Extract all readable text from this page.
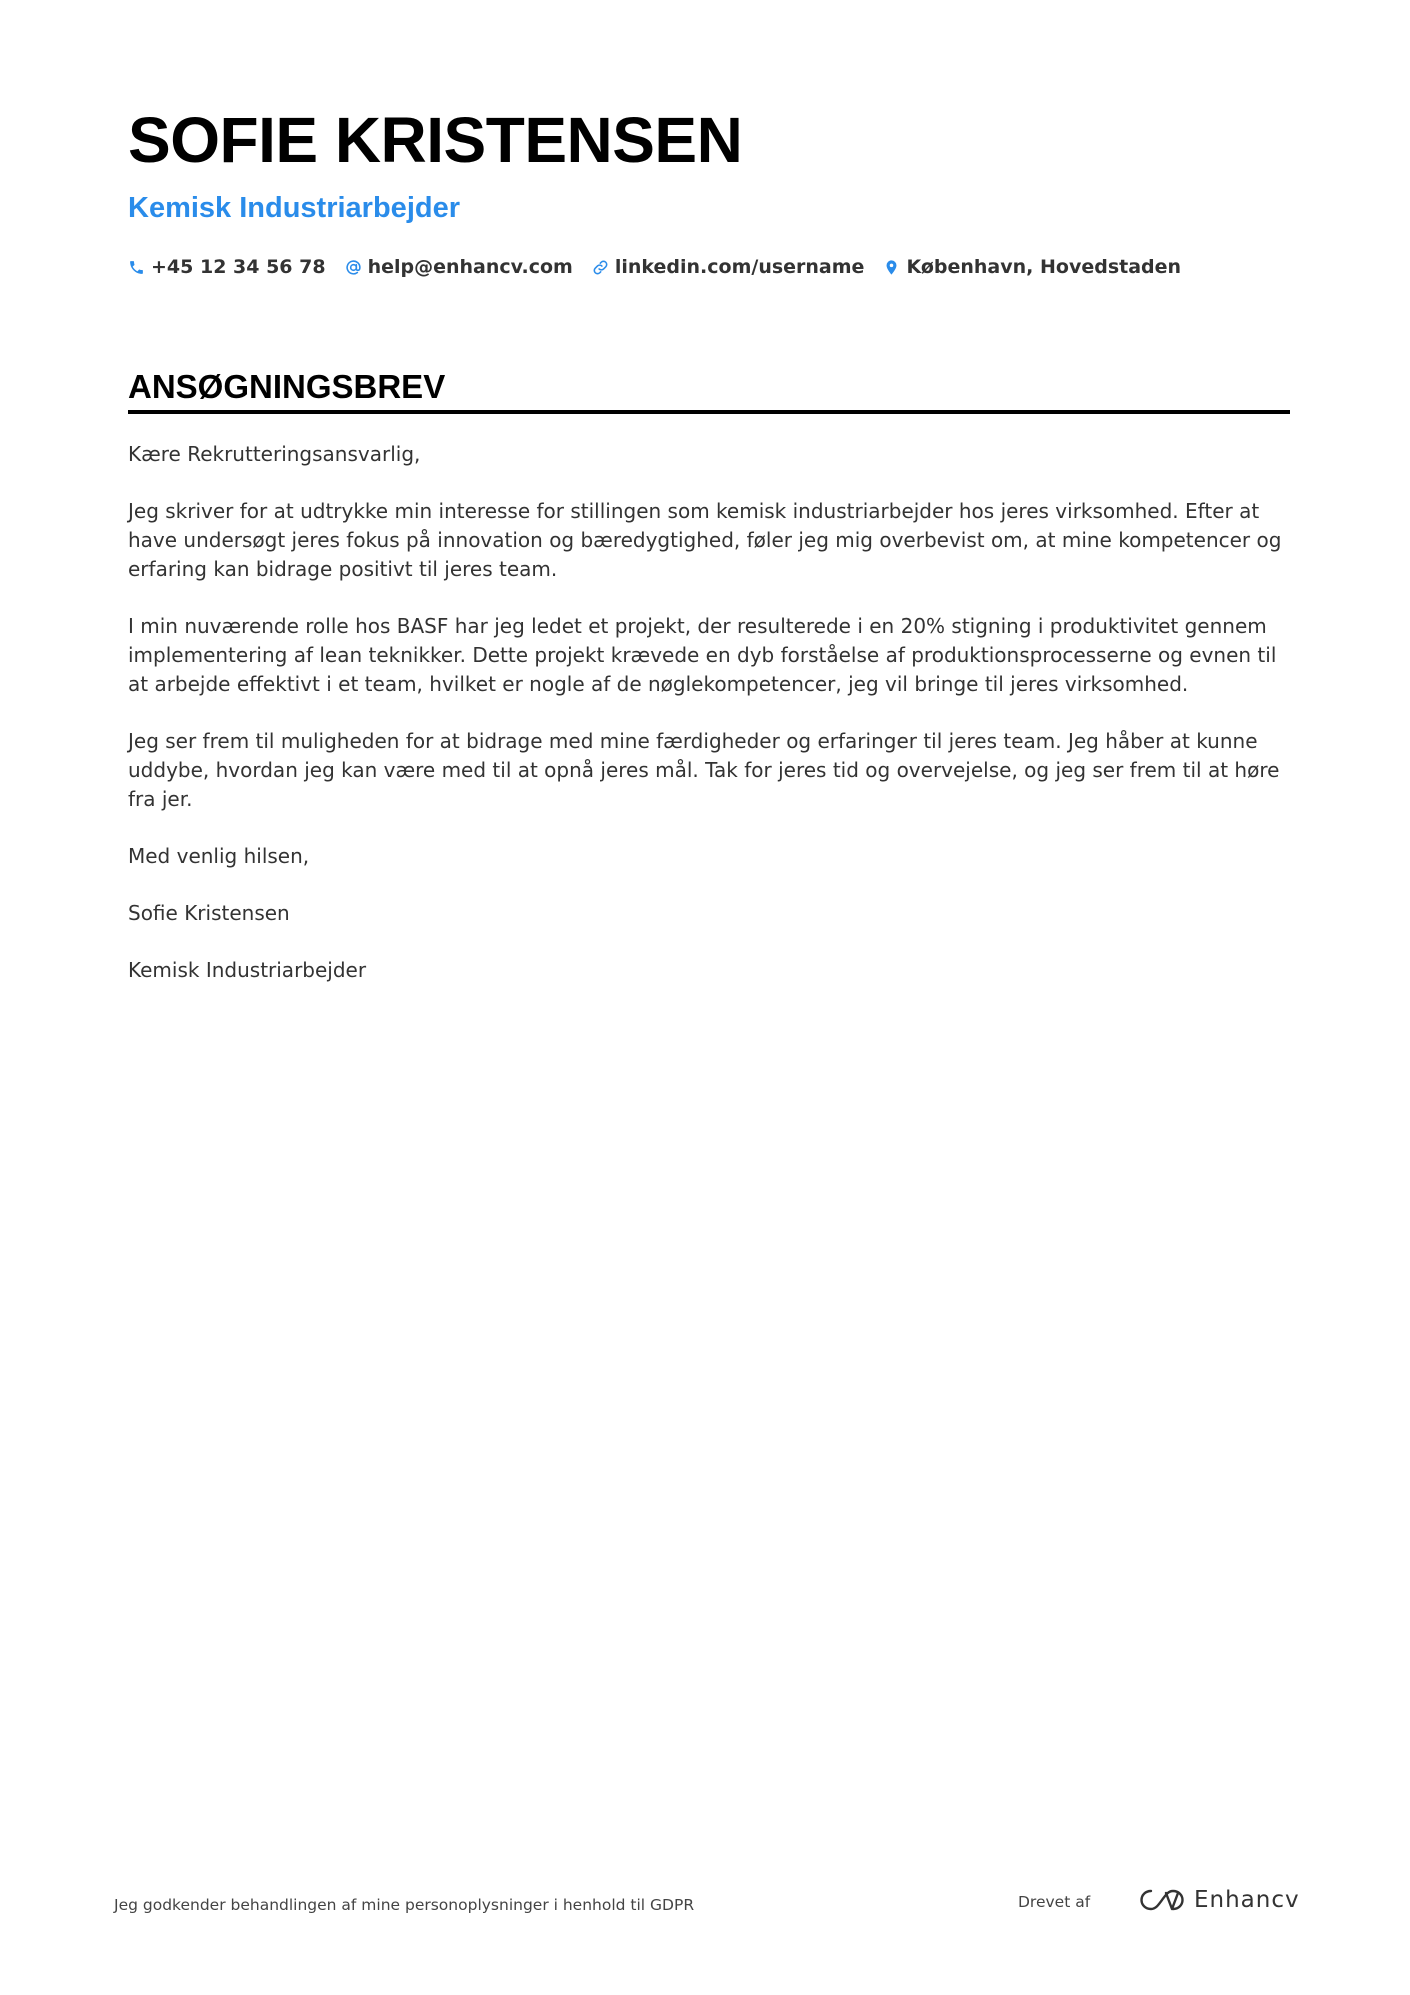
SOFIE KRISTENSEN
Kemisk Industriarbejder
+45 12 34 56 78 help@enhancv.com linkedin.com/username København, Hovedstaden
ANSØGNINGSBREV

Kære Rekrutteringsansvarlig,

Jeg skriver for at udtrykke min interesse for stillingen som kemisk industriarbejder hos jeres virksomhed. Efter at have undersøgt jeres fokus på innovation og bæredygtighed, føler jeg mig overbevist om, at mine kompetencer og erfaring kan bidrage positivt til jeres team.

I min nuværende rolle hos BASF har jeg ledet et projekt, der resulterede i en 20% stigning i produktivitet gennem implementering af lean teknikker. Dette projekt krævede en dyb forståelse af produktionsprocesserne og evnen til at arbejde effektivt i et team, hvilket er nogle af de nøglekompetencer, jeg vil bringe til jeres virksomhed.

Jeg ser frem til muligheden for at bidrage med mine færdigheder og erfaringer til jeres team. Jeg håber at kunne uddybe, hvordan jeg kan være med til at opnå jeres mål. Tak for jeres tid og overvejelse, og jeg ser frem til at høre fra jer.

Med venlig hilsen,

Sofie Kristensen

Kemisk Industriarbejder

Jeg godkender behandlingen af mine personoplysninger i henhold til GDPR	Drevet af	Enhancv
